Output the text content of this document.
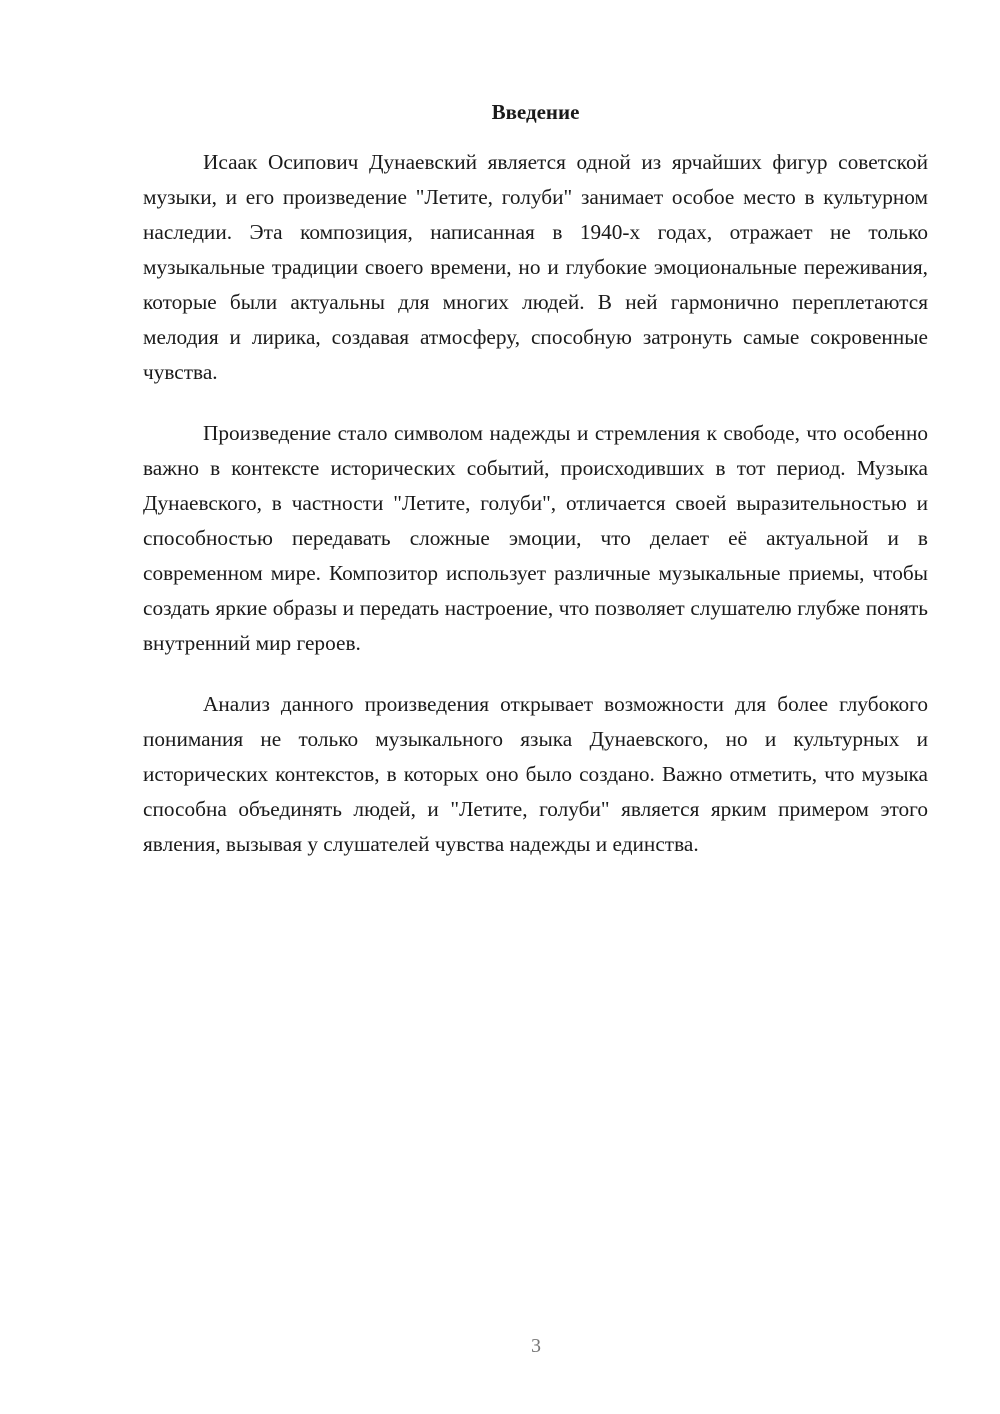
Введение

Исаак Осипович Дунаевский является одной из ярчайших фигур советской музыки, и его произведение "Летите, голуби" занимает особое место в культурном наследии. Эта композиция, написанная в 1940-х годах, отражает не только музыкальные традиции своего времени, но и глубокие эмоциональные переживания, которые были актуальны для многих людей. В ней гармонично переплетаются мелодия и лирика, создавая атмосферу, способную затронуть самые сокровенные чувства.

Произведение стало символом надежды и стремления к свободе, что особенно важно в контексте исторических событий, происходивших в тот период. Музыка Дунаевского, в частности "Летите, голуби", отличается своей выразительностью и способностью передавать сложные эмоции, что делает её актуальной и в современном мире. Композитор использует различные музыкальные приемы, чтобы создать яркие образы и передать настроение, что позволяет слушателю глубже понять внутренний мир героев.

Анализ данного произведения открывает возможности для более глубокого понимания не только музыкального языка Дунаевского, но и культурных и исторических контекстов, в которых оно было создано. Важно отметить, что музыка способна объединять людей, и "Летите, голуби" является ярким примером этого явления, вызывая у слушателей чувства надежды и единства.

3
